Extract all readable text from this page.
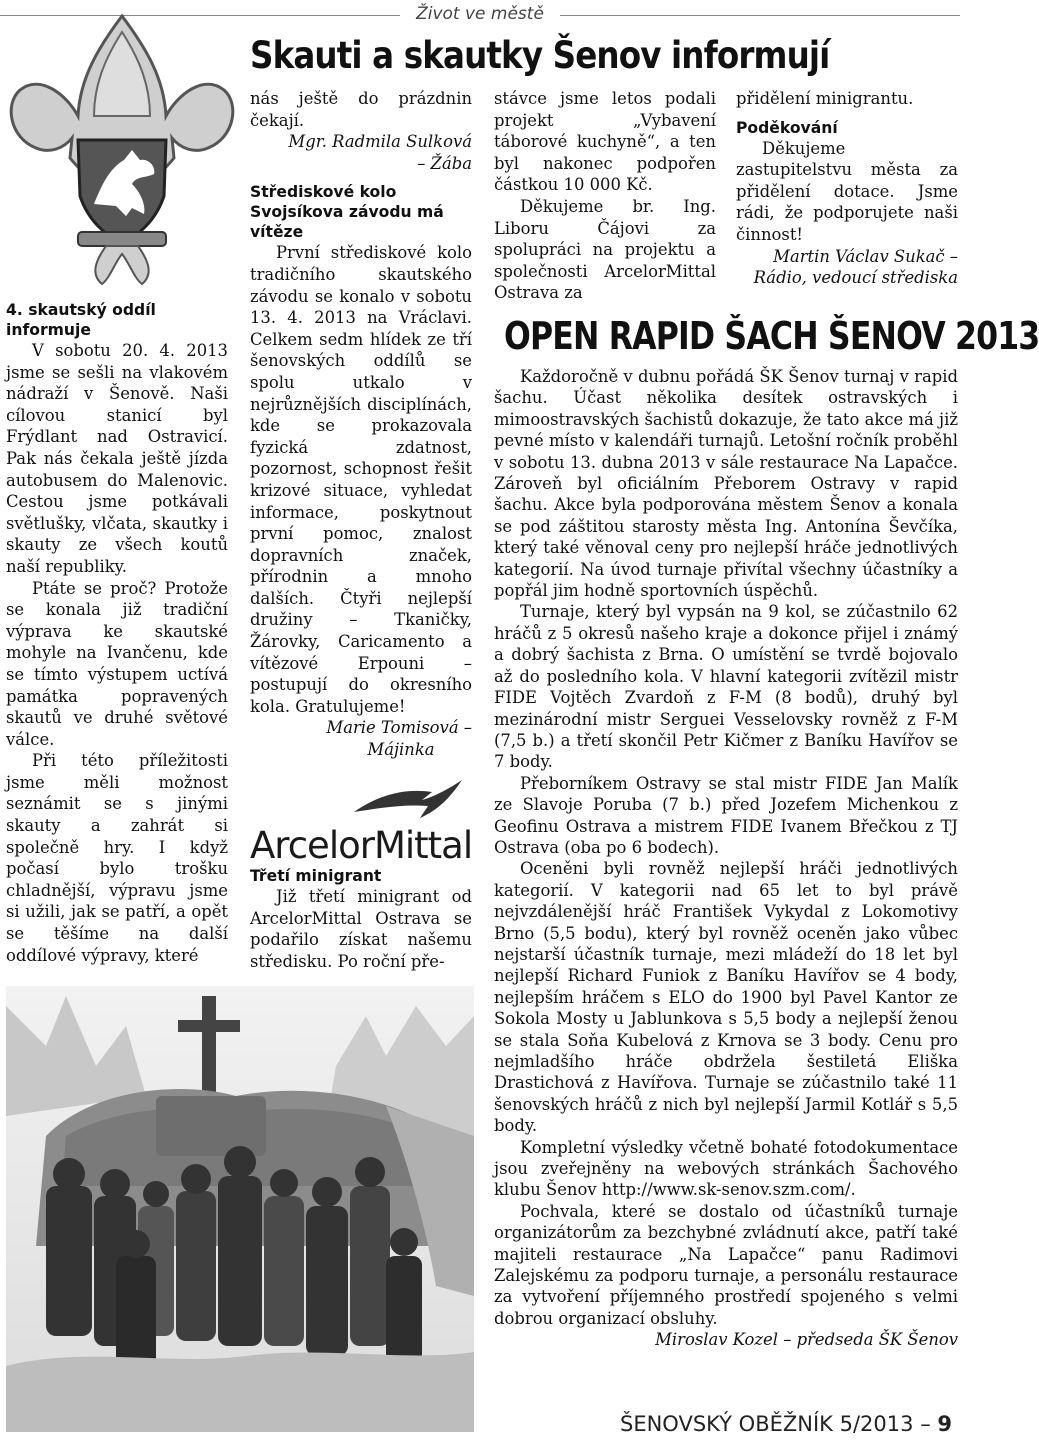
Život ve městě
Skauti a skautky Šenov informují
4. skautský oddíl informuje

V sobotu 20. 4. 2013 jsme se sešli na vlakovém nádraží v Šenově. Naši cílovou stanicí byl Frýdlant nad Ostravicí. Pak nás čekala ještě jízda autobusem do Malenovic. Cestou jsme potkávali světlušky, vlčata, skautky i skauty ze všech koutů naší republiky.

Ptáte se proč? Protože se konala již tradiční výprava ke skautské mohyle na Ivančenu, kde se tímto výstupem uctívá památka popravených skautů ve druhé světové válce.

Při této příležitosti jsme měli možnost seznámit se s jinými skauty a zahrát si společně hry. I když počasí bylo trošku chladnější, výpravu jsme si užili, jak se patří, a opět se těšíme na další oddílové výpravy, které

nás ještě do prázdnin čekají.

Mgr. Radmila Sulková
– Žába
Střediskové kolo Svojsíkova závodu má vítěze

První střediskové kolo tradičního skautského závodu se konalo v sobotu 13. 4. 2013 na Vráclavi. Celkem sedm hlídek ze tří šenovských oddílů se spolu utkalo v nejrůznějších disciplínách, kde se prokazovala fyzická zdatnost, pozornost, schopnost řešit krizové situace, vyhledat informace, poskytnout první pomoc, znalost dopravních značek, přírodnin a mnoho dalších. Čtyři nejlepší družiny – Tkaničky, Žárovky, Caricamento a vítězové Erpouni – postupují do okresního kola. Gratulujeme!

Marie Tomisová –
Májinka
ArcelorMittal
Třetí minigrant

Již třetí minigrant od ArcelorMittal Ostrava se podařilo získat našemu středisku. Po roční pře-

stávce jsme letos podali projekt „Vybavení táborové kuchyně“, a ten byl nakonec podpořen částkou 10 000 Kč.

Děkujeme br. Ing. Liboru Čájovi za spolupráci na projektu a společnosti ArcelorMittal Ostrava za

přidělení minigrantu.

Poděkování

Děkujeme zastupitelstvu města za přidělení dotace. Jsme rádi, že podporujete naši činnost!

Martin Václav Sukač –
Rádio, vedoucí střediska
OPEN RAPID ŠACH ŠENOV 2013

Každoročně v dubnu pořádá ŠK Šenov turnaj v rapid šachu. Účast několika desítek ostravských i mimoostravských šachistů dokazuje, že tato akce má již pevné místo v kalendáři turnajů. Letošní ročník proběhl v sobotu 13. dubna 2013 v sále restaurace Na Lapačce. Zároveň byl oficiálním Přeborem Ostravy v rapid šachu. Akce byla podporována městem Šenov a konala se pod záštitou starosty města Ing. Antonína Ševčíka, který také věnoval ceny pro nejlepší hráče jednotlivých kategorií. Na úvod turnaje přivítal všechny účastníky a popřál jim hodně sportovních úspěchů.

Turnaje, který byl vypsán na 9 kol, se zúčastnilo 62 hráčů z 5 okresů našeho kraje a dokonce přijel i známý a dobrý šachista z Brna. O umístění se tvrdě bojovalo až do posledního kola. V hlavní kategorii zvítězil mistr FIDE Vojtěch Zvardoň z F-M (8 bodů), druhý byl mezinárodní mistr Serguei Vesselovsky rovněž z F-M (7,5 b.) a třetí skončil Petr Kičmer z Baníku Havířov se 7 body.

Přeborníkem Ostravy se stal mistr FIDE Jan Malík ze Slavoje Poruba (7 b.) před Jozefem Michenkou z Geofinu Ostrava a mistrem FIDE Ivanem Břečkou z TJ Ostrava (oba po 6 bodech).

Oceněni byli rovněž nejlepší hráči jednotlivých kategorií. V kategorii nad 65 let to byl právě nejvzdálenější hráč František Vykydal z Lokomotivy Brno (5,5 bodu), který byl rovněž oceněn jako vůbec nejstarší účastník turnaje, mezi mládeží do 18 let byl nejlepší Richard Funiok z Baníku Havířov se 4 body, nejlepším hráčem s ELO do 1900 byl Pavel Kantor ze Sokola Mosty u Jablunkova s 5,5 body a nejlepší ženou se stala Soňa Kubelová z Krnova se 3 body. Cenu pro nejmladšího hráče obdržela šestiletá Eliška Drastichová z Havířova. Turnaje se zúčastnilo také 11 šenovských hráčů z nich byl nejlepší Jarmil Kotlář s 5,5 body.

Kompletní výsledky včetně bohaté fotodokumentace jsou zveřejněny na webových stránkách Šachového klubu Šenov http://www.sk-senov.szm.com/.

Pochvala, které se dostalo od účastníků turnaje organizátorům za bezchybné zvládnutí akce, patří také majiteli restaurace „Na Lapačce“ panu Radimovi Zalejskému za podporu turnaje, a personálu restaurace za vytvoření příjemného prostředí spojeného s velmi dobrou organizací obsluhy.

Miroslav Kozel – předseda ŠK Šenov
ŠENOVSKÝ OBĚŽNÍK 5/2013 – 9
